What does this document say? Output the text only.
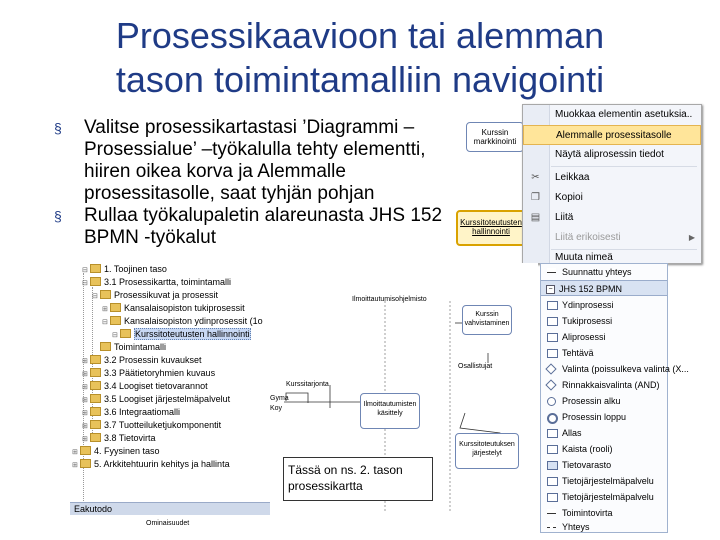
Prosessikaavioon tai alemman
tason toimintamalliin navigointi
§ Valitse prosessikartastasi ’Diagrammi – Prosessialue’ –työkalulla tehty elementti, hiiren oikea korva ja Alemmalle prosessitasolle, saat tyhjän pohjan
§ Rullaa työkalupaletin alareunasta JHS 152 BPMN -työkalut
Kurssin
markkinointi
Kurssitoteutusten
hallinnointi
Muokkaa elementin asetuksia..
Alemmalle prosessitasolle
Näytä aliprosessin tiedot
✂ Leikkaa
❐ Kopioi
▤ Liitä
Liitä erikoisesti	▶
Muuta nimeä
⊟ 1. Toojinen taso
⊟ 3.1 Prosessikartta, toimintamalli
⊟ Prosessikuvat ja prosessit
⊞ Kansalaisopiston tukiprosessit
⊟ Kansalaisopiston ydinprosessit (1o
⊟ Kurssitoteutusten hallinnointi
Toimintamalli
⊞ 3.2 Prosessin kuvaukset
⊞ 3.3 Päätietoryhmien kuvaus
⊞ 3.4 Loogiset tietovarannot
⊞ 3.5 Loogiset järjestelmäpalvelut
⊞ 3.6 Integraatiomalli
⊞ 3.7 Tuotteiluketjukomponentit
⊞ 3.8 Tietovirta
⊞ 4. Fyysinen taso
⊞ 5. Arkkitehtuurin kehitys ja hallinta
Eakutodo
Ominaisuudet
Ilmoittautumisohjelmisto
Kurssitarjonta
Osallistujat
Gyma
Koy
Kurssin vahvistaminen
Ilmoittautumisten käsittely
Kurssitoteutuksen järjestelyt
Tässä on ns. 2. tason prosessikartta
Suunnattu yhteys
− JHS 152 BPMN
Ydinprosessi
Tukiprosessi
Aliprosessi
Tehtävä
Valinta (poissulkeva valinta (X...
Rinnakkaisvalinta (AND)
Prosessin alku
Prosessin loppu
Allas
Kaista (rooli)
Tietovarasto
Tietojärjestelmäpalvelu
Tietojärjestelmäpalvelu
Toimintovirta
Yhteys
